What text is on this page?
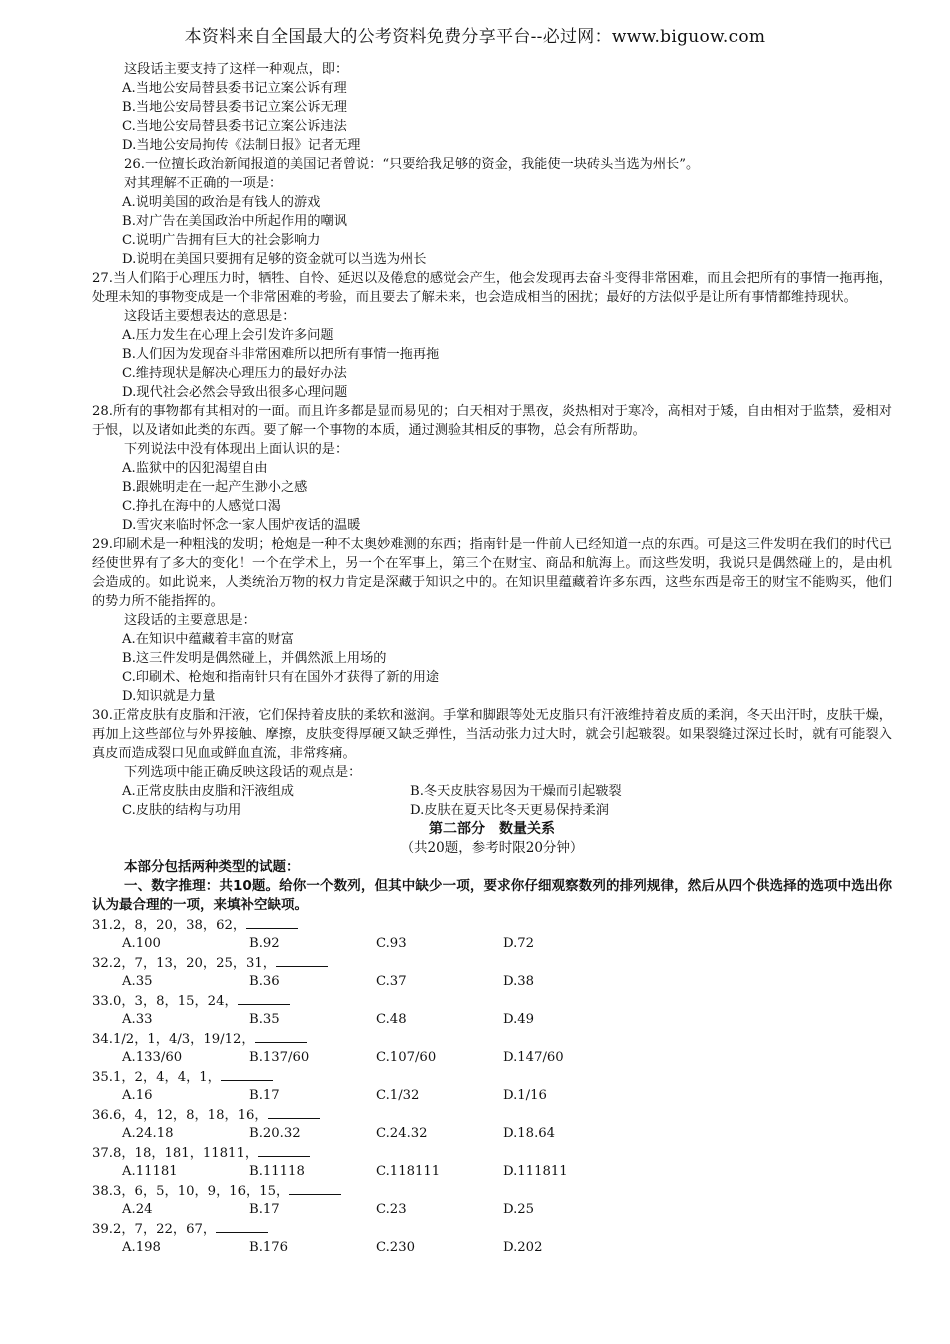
本资料来自全国最大的公考资料免费分享平台--必过网：www.biguow.com
这段话主要支持了这样一种观点，即：
A.当地公安局替县委书记立案公诉有理
B.当地公安局替县委书记立案公诉无理
C.当地公安局替县委书记立案公诉违法
D.当地公安局拘传《法制日报》记者无理
26.一位擅长政治新闻报道的美国记者曾说：“只要给我足够的资金，我能使一块砖头当选为州长”。
对其理解不正确的一项是：
A.说明美国的政治是有钱人的游戏
B.对广告在美国政治中所起作用的嘲讽
C.说明广告拥有巨大的社会影响力
D.说明在美国只要拥有足够的资金就可以当选为州长
27.当人们陷于心理压力时，牺牲、自怜、延迟以及倦怠的感觉会产生，他会发现再去奋斗变得非常困难，而且会把所有的事情一拖再拖，处理未知的事物变成是一个非常困难的考验，而且要去了解未来，也会造成相当的困扰；最好的方法似乎是让所有事情都维持现状。
这段话主要想表达的意思是：
A.压力发生在心理上会引发许多问题
B.人们因为发现奋斗非常困难所以把所有事情一拖再拖
C.维持现状是解决心理压力的最好办法
D.现代社会必然会导致出很多心理问题
28.所有的事物都有其相对的一面。而且许多都是显而易见的；白天相对于黑夜，炎热相对于寒冷，高相对于矮，自由相对于监禁，爱相对于恨，以及诸如此类的东西。要了解一个事物的本质，通过测验其相反的事物，总会有所帮助。
下列说法中没有体现出上面认识的是：
A.监狱中的囚犯渴望自由
B.跟姚明走在一起产生渺小之感
C.挣扎在海中的人感觉口渴
D.雪灾来临时怀念一家人围炉夜话的温暖
29.印刷术是一种粗浅的发明；枪炮是一种不太奥妙难测的东西；指南针是一件前人已经知道一点的东西。可是这三件发明在我们的时代已经使世界有了多大的变化！一个在学术上，另一个在军事上，第三个在财宝、商品和航海上。而这些发明，我说只是偶然碰上的，是由机会造成的。如此说来，人类统治万物的权力肯定是深藏于知识之中的。在知识里蕴藏着许多东西，这些东西是帝王的财宝不能购买，他们的势力所不能指挥的。
这段话的主要意思是：
A.在知识中蕴藏着丰富的财富
B.这三件发明是偶然碰上，并偶然派上用场的
C.印刷术、枪炮和指南针只有在国外才获得了新的用途
D.知识就是力量
30.正常皮肤有皮脂和汗液，它们保持着皮肤的柔软和滋润。手掌和脚跟等处无皮脂只有汗液维持着皮质的柔润，冬天出汗时，皮肤干燥，再加上这些部位与外界接触、摩擦，皮肤变得厚硬又缺乏弹性，当活动张力过大时，就会引起皲裂。如果裂缝过深过长时，就有可能裂入真皮而造成裂口见血或鲜血直流，非常疼痛。
下列选项中能正确反映这段话的观点是：
A.正常皮肤由皮脂和汗液组成	B.冬天皮肤容易因为干燥而引起皲裂
C.皮肤的结构与功用	D.皮肤在夏天比冬天更易保持柔润
第二部分　数量关系
（共20题，参考时限20分钟）
本部分包括两种类型的试题：
一、数字推理：共10题。给你一个数列，但其中缺少一项，要求你仔细观察数列的排列规律，然后从四个供选择的选项中选出你认为最合理的一项，来填补空缺项。
31.2，8，20，38，62，
A.100	B.92	C.93	D.72
32.2，7，13，20，25，31，
A.35	B.36	C.37	D.38
33.0，3，8，15，24，
A.33	B.35	C.48	D.49
34.1/2，1，4/3，19/12，
A.133/60	B.137/60	C.107/60	D.147/60
35.1，2，4，4，1，
A.16	B.17	C.1/32	D.1/16
36.6，4，12，8，18，16，
A.24.18	B.20.32	C.24.32	D.18.64
37.8，18，181，11811，
A.11181	B.11118	C.118111	D.111811
38.3，6，5，10，9，16，15，
A.24	B.17	C.23	D.25
39.2，7，22，67，
A.198	B.176	C.230	D.202
